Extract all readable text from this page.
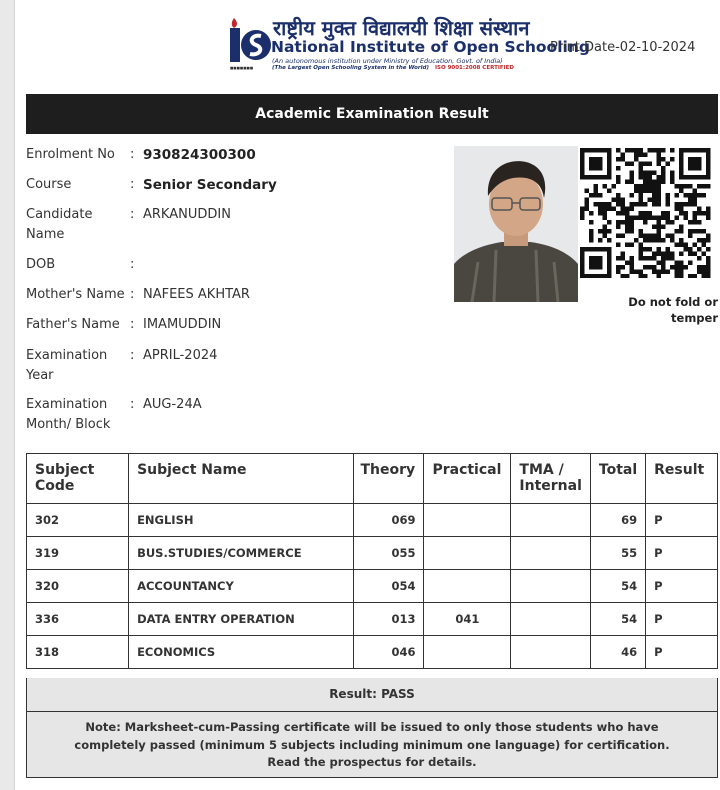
■■■■■■■
राष्ट्रीय मुक्त विद्यालयी शिक्षा संस्थान
National Institute of Open Schooling
(An autonomous institution under Ministry of Education, Govt. of India)
(The Largest Open Schooling System in the World) ISO 9001:2008 CERTIFIED
Print Date-02-10-2024
Academic Examination Result
Enrolment No	: 930824300300
Course	: Senior Secondary
Candidate Name
: ARKANUDDIN
DOB	:
Mother's Name : NAFEES AKHTAR
Father's Name : IMAMUDDIN
Examination Year
: APRIL-2024
Examination Month/ Block
: AUG-24A
Do not fold or temper
Subject Code	Subject Name	Theory	Practical	TMA / Internal	Total	Result
302	ENGLISH	069			69	P
319	BUS.STUDIES/COMMERCE	055			55	P
320	ACCOUNTANCY	054			54	P
336	DATA ENTRY OPERATION	013	041		54	P
318	ECONOMICS	046			46	P
Result: PASS
Note: Marksheet-cum-Passing certificate will be issued to only those students who have
completely passed (minimum 5 subjects including minimum one language) for certification.
Read the prospectus for details.
